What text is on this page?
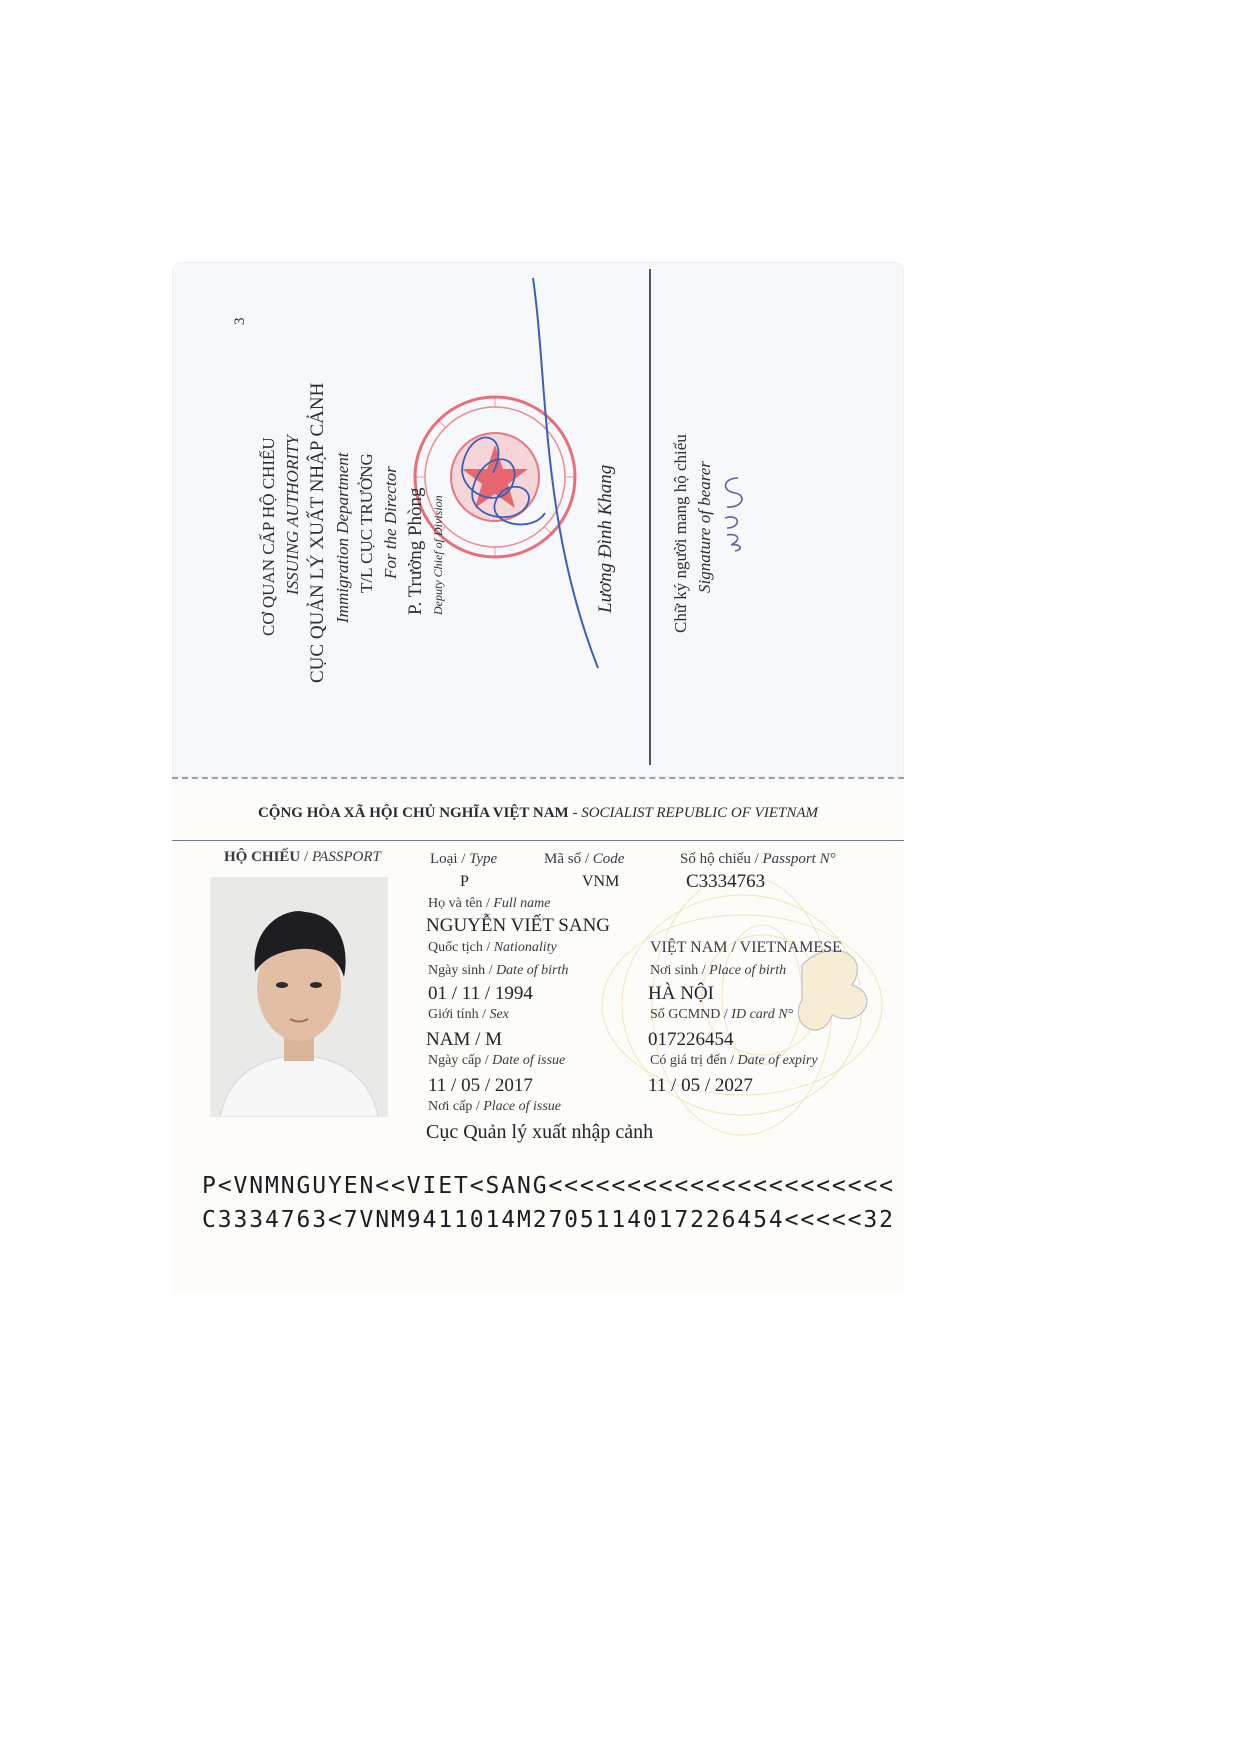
3
CƠ QUAN CẤP HỘ CHIẾU ISSUING AUTHORITY CỤC QUẢN LÝ XUẤT NHẬP CẢNH Immigration Department T/L CỤC TRƯỞNG For the Director P. Trưởng Phòng Deputy Chief of Division	Lương Đình Khang	Chữ ký người mang hộ chiếu Signature of bearer
CỘNG HÒA XÃ HỘI CHỦ NGHĨA VIỆT NAM - SOCIALIST REPUBLIC OF VIETNAM
HỘ CHIẾU / PASSPORT	Loại / Type	Mã số / Code	Số hộ chiếu / Passport N°
P	VNM	C3334763
Họ và tên / Full name
NGUYỄN VIẾT SANG
Quốc tịch / Nationality	VIỆT NAM / VIETNAMESE
Ngày sinh / Date of birth	Nơi sinh / Place of birth
01 / 11 / 1994	HÀ NỘI
Giới tính / Sex	Số GCMND / ID card N°
NAM / M	017226454
Ngày cấp / Date of issue	Có giá trị đến / Date of expiry
11 / 05 / 2017	11 / 05 / 2027
Nơi cấp / Place of issue
Cục Quản lý xuất nhập cảnh
P<VNMNGUYEN<<VIET<SANG<<<<<<<<<<<<<<<<<<<<<<
C3334763<7VNM9411014M2705114017226454<<<<<32
